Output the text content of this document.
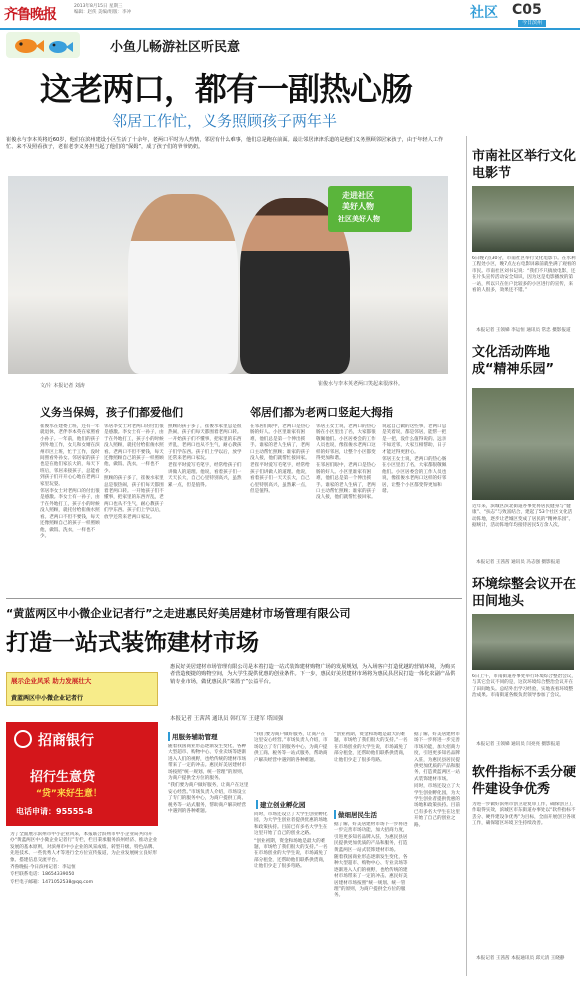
齐鲁晚报
2013年8月15日 星期三
编辑：赵侠 美编/组版：李冲	社区 C05
今日滨州
小鱼儿畅游社区听民意
这老两口，都有一副热心肠
邻居工作忙，义务照顾孩子两年半
崔俊水与李本英将近60岁，他们在滨州建设小区生活了十余年，老两口平时为人热情，邻居有什么难事，他们总是跑在前面。最让邻居津津乐道的是他们义务照顾邻居家孩子，由于年轻人工作忙、来不及照看孩子，老崔老李义务担当起了他们的“保姆”，成了孩子们的爷爷奶奶。
走进社区
美好人物
社区美好人物
文/片 本报记者 刘涛	崔俊水与李本英老两口笑起来很淳朴。
义务当保姆，孩子们都爱他们	邻居们都为老两口竖起大拇指

崔俊水在建委上班，还有一年就退休，老伴李本英在家照看小孙子。一年前，他们的孩子到外地工作，女儿和女婿在滨州市区上班，忙于工作，没时间照看外孙女。邻居家的孩子也是在他们家长大的，每天下班后，邻居来接孩子，总能看到孩子们开开心心地在老两口家里玩耍。

邻居李女士对老两口的付出很是感激。李女士有一孙子，由于在外地打工，孩子小的时候没人照顾，就托付给崔俊水照看。老两口不但不要钱，每天还像照顾自己的孩子一样照顾他，做饭、洗衣，一样也不少。

邻居李女士对老两口的付出很是感激。李女士有一孙子，由于在外地打工，孩子小的时候没人照顾，就托付给崔俊水照看。老两口不但不要钱，每天还像照顾自己的孩子一样照顾他，做饭、洗衣，一样也不少。

照顾的孩子多了，崔俊水家里总是很热闹，孩子们每天都围着老两口转。一开始孩子们不懂事，把家里的东西弄乱，老两口也从不生气，耐心教孩子们学东西。孩子们上学以后，放学还常来老两口家玩。

照顾的孩子多了，崔俊水家里总是很热闹，孩子们每天都围着老两口转。一开始孩子们不懂事，把家里的东西弄乱，老两口也从不生气，耐心教孩子们学东西。孩子们上学以后，放学还常来老两口家玩。

老崔平时爱写毛笔字，经常给孩子们讲做人的道理。他说，看着孩子们一天天长大，自己心里特别高兴，虽然累一点，但是值得。

在邻居们眼中，老两口是热心肠的好人。小区里谁家有困难，他们总是第一个伸出援手。谁家的老人生病了，老两口主动帮忙照顾；谁家的孩子没人接，他们就帮忙接回家。

老崔平时爱写毛笔字，经常给孩子们讲做人的道理。他说，看着孩子们一天天长大，自己心里特别高兴，虽然累一点，但是值得。

邻居王女士说，老两口的热心肠在小区里出了名，大家都很敬佩他们。小区居委会的工作人员也说，像崔俊水老两口这样的好邻居，让整个小区都变得更加和谐。

在邻居们眼中，老两口是热心肠的好人。小区里谁家有困难，他们总是第一个伸出援手。谁家的老人生病了，老两口主动帮忙照顾；谁家的孩子没人接，他们就帮忙接回家。

说起自己做的这些事，老两口总是笑着说，都是邻居，能帮一把是一把，没什么值得说的。远亲不如近邻，大家互相帮助，日子才能过得更舒心。

邻居王女士说，老两口的热心肠在小区里出了名，大家都很敬佩他们。小区居委会的工作人员也说，像崔俊水老两口这样的好邻居，让整个小区都变得更加和谐。

“黄蓝两区中小微企业记者行”之走进惠民好美居建材市场管理有限公司
打造一站式装饰建材市场
展示企业风采 助力发展壮大
黄蓝两区中小微企业记者行
招商银行
招行生意贷
“贷”来好生意！
电话申请：95555-8

为了全面展示滨州市中小企业风采，本报联合滨州市中小企业局共同开办“黄蓝两区中小微企业记者行”专栏，栏目秉承服务滨州经济、推动企业发展的基本原则，对滨州市中小企业的风采成绩、转型升级、特色品牌、先进技术、一些优秀人才等进行全方位宣传报道，为企业发展树立良好形象、搭建信息交流平台。

齐鲁晚报·今日滨州记者：李运恒

专栏联系电话：18654339050

专栏电子邮箱：1471052538@qq.com

惠民好美居建材市场管理有限公司是本着打造一站式装饰建材购物广场的发展规划，为入场客户打造优越的营销环境，为购买者营造便捷的购物空间，为大学生提供优惠的创业条件。下一步，惠民好美居建材市场将为惠民县居民打造一体化农副产品供销专业市场，做优惠民县“菜篮子”公益平台。
本报记者 王茜茜 通讯员 韩红军 王建军 塔国强
用服务辅助管理
建立创业孵化园
做细居民生活

随着我国商业形态逐渐发生变化，各种大型超市、购物中心、专业卖场等逐渐进入人们的视野，也给传统的建材市场带来了一定的冲击。惠民好美居建材市场按照“统一规划、统一管理”的原则，为商户提供全方位的服务。

“我们要为商户做好服务，让商户在这里安心经营。”市场负责人介绍，市场设立了专门的服务中心，为商户提供工商、税务等一站式服务，帮助商户解决经营中遇到的各种难题。

“我们要为商户做好服务，让商户在这里安心经营。”市场负责人介绍，市场设立了专门的服务中心，为商户提供工商、税务等一站式服务，帮助商户解决经营中遇到的各种难题。

同时，市场还设立了大学生创业孵化园，为大学生创业者提供优惠的场地和政策扶持。目前已有多名大学生在这里开始了自己的创业之路。

“创业初期，资金和场地是最大的难题，市场给了我们很大的支持。”一名在市场创业的大学生说，市场减免了部分租金，还帮助他们联系供货商，让他们少走了很多弯路。

“创业初期，资金和场地是最大的难题，市场给了我们很大的支持。”一名在市场创业的大学生说，市场减免了部分租金，还帮助他们联系供货商，让他们少走了很多弯路。

据了解，好美居建材市场下一步将进一步完善市场功能，加大招商力度，引进更多知名品牌入驻，为惠民县居民提供更加优质的产品和服务，打造黄蓝两区一站式装饰建材市场。

随着我国商业形态逐渐发生变化，各种大型超市、购物中心、专业卖场等逐渐进入人们的视野，也给传统的建材市场带来了一定的冲击。惠民好美居建材市场按照“统一规划、统一管理”的原则，为商户提供全方位的服务。

据了解，好美居建材市场下一步将进一步完善市场功能，加大招商力度，引进更多知名品牌入驻，为惠民县居民提供更加优质的产品和服务，打造黄蓝两区一站式装饰建材市场。

同时，市场还设立了大学生创业孵化园，为大学生创业者提供优惠的场地和政策扶持。目前已有多名大学生在这里开始了自己的创业之路。

市南社区举行文化电影节
6日晚7点30分，市南社区举行文化电影节。在水利工程处小区，晚7点左右电影屏幕前就坐满了观看的市民。市南社区刘书记说：“我们不只搞放电影，还在片头宣传活动安全知识，因为这是电影播放的第一站，所以只在住户比较多的小区进行的宣传，来看的人很多，效果还不错。”
本报记者 王领娣 李运恒 通讯员 常忠 摄影报道
文化活动阵地成“精神乐园”
近年来，滨城区滨北街道办事处将居民健身与“健康”、“扶志”与致富结合，建起了53个社区文化活动阵地，逐步让老城区变成了居民的“精神乐园”。据统计，活动阵地年均接待居民5万余人次。
本报记者 王茜茜 通讯员 冯志强 摄影报道
环境综整会议开在田间地头
6日上午，市南街道办事处举行环境综合整治会议，与其它会议不同的是，这次环境综合整治会议开在了田间地头。总结外出学习经验，实地查看环境整治成果。市南街道各级负责领导参加了会议。
本报记者 王领娣 通讯员 闫亮亮 摄影报道
软件指标不丢分硬件建设争优秀
为进一步做好滨州市创卫迎复审工作，确保创卫工作取得实效，滨城区市东街道办事处以“软件指标不丢分、硬件建设争优秀”为目标，全面开展创卫各项工作，确保辖区环境卫生持续改善。
本报记者 王茜茜 本报通讯员 邱元清 王晓静
